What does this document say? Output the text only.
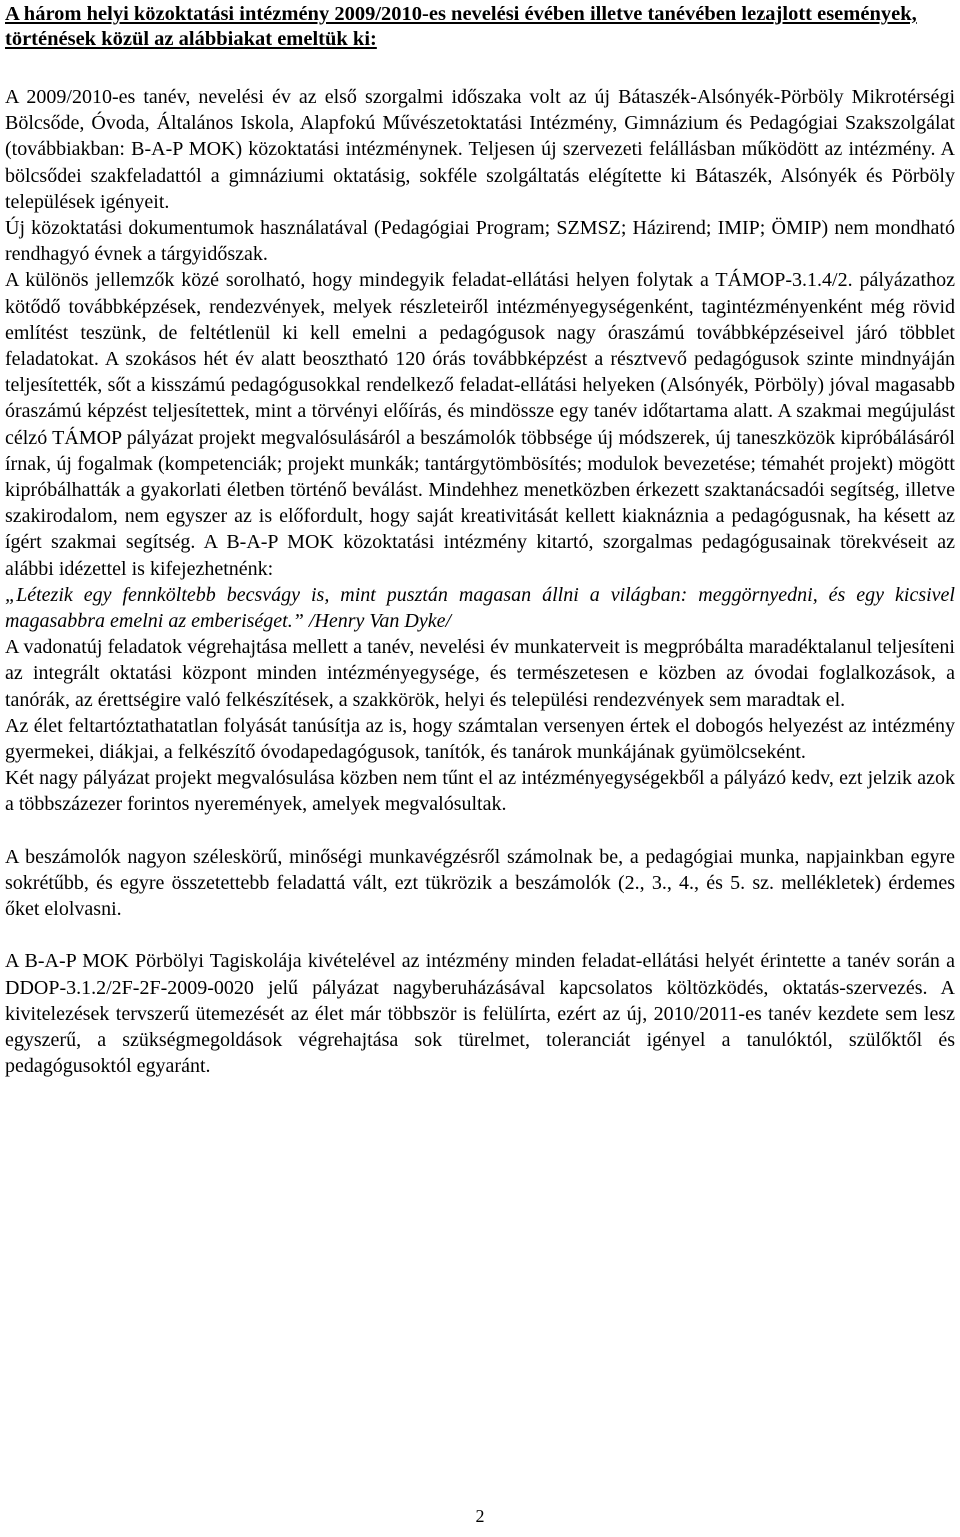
A három helyi közoktatási intézmény 2009/2010-es nevelési évében illetve tanévében lezajlott események, történések közül az alábbiakat emeltük ki:

A 2009/2010-es tanév, nevelési év az első szorgalmi időszaka volt az új Bátaszék-Alsónyék-Pörböly Mikrotérségi Bölcsőde, Óvoda, Általános Iskola, Alapfokú Művészetoktatási Intézmény, Gimnázium és Pedagógiai Szakszolgálat (továbbiakban: B-A-P MOK) közoktatási intézménynek. Teljesen új szervezeti felállásban működött az intézmény. A bölcsődei szakfeladattól a gimnáziumi oktatásig, sokféle szolgáltatás elégítette ki Bátaszék, Alsónyék és Pörböly települések igényeit.

Új közoktatási dokumentumok használatával (Pedagógiai Program; SZMSZ; Házirend; IMIP; ÖMIP) nem mondható rendhagyó évnek a tárgyidőszak.

A különös jellemzők közé sorolható, hogy mindegyik feladat-ellátási helyen folytak a TÁMOP-3.1.4/2. pályázathoz kötődő továbbképzések, rendezvények, melyek részleteiről intézményegységenként, tagintézményenként még rövid említést teszünk, de feltétlenül ki kell emelni a pedagógusok nagy óraszámú továbbképzéseivel járó többlet feladatokat. A szokásos hét év alatt beosztható 120 órás továbbképzést a résztvevő pedagógusok szinte mindnyáján teljesítették, sőt a kisszámú pedagógusokkal rendelkező feladat-ellátási helyeken (Alsónyék, Pörböly) jóval magasabb óraszámú képzést teljesítettek, mint a törvényi előírás, és mindössze egy tanév időtartama alatt. A szakmai megújulást célzó TÁMOP pályázat projekt megvalósulásáról a beszámolók többsége új módszerek, új taneszközök kipróbálásáról írnak, új fogalmak (kompetenciák; projekt munkák; tantárgytömbösítés; modulok bevezetése; témahét projekt) mögött kipróbálhatták a gyakorlati életben történő beválást. Mindehhez menetközben érkezett szaktanácsadói segítség, illetve szakirodalom, nem egyszer az is előfordult, hogy saját kreativitását kellett kiaknáznia a pedagógusnak, ha késett az ígért szakmai segítség. A B-A-P MOK közoktatási intézmény kitartó, szorgalmas pedagógusainak törekvéseit az alábbi idézettel is kifejezhetnénk:

„Létezik egy fennköltebb becsvágy is, mint pusztán magasan állni a világban: meggörnyedni, és egy kicsivel magasabbra emelni az emberiséget.” /Henry Van Dyke/

A vadonatúj feladatok végrehajtása mellett a tanév, nevelési év munkaterveit is megpróbálta maradéktalanul teljesíteni az integrált oktatási központ minden intézményegysége, és természetesen e közben az óvodai foglalkozások, a tanórák, az érettségire való felkészítések, a szakkörök, helyi és települési rendezvények sem maradtak el.

Az élet feltartóztathatatlan folyását tanúsítja az is, hogy számtalan versenyen értek el dobogós helyezést az intézmény gyermekei, diákjai, a felkészítő óvodapedagógusok, tanítók, és tanárok munkájának gyümölcseként.

Két nagy pályázat projekt megvalósulása közben nem tűnt el az intézményegységekből a pályázó kedv, ezt jelzik azok a többszázezer forintos nyeremények, amelyek megvalósultak.

A beszámolók nagyon széleskörű, minőségi munkavégzésről számolnak be, a pedagógiai munka, napjainkban egyre sokrétűbb, és egyre összetettebb feladattá vált, ezt tükrözik a beszámolók (2., 3., 4., és 5. sz. mellékletek) érdemes őket elolvasni.

A B-A-P MOK Pörbölyi Tagiskolája kivételével az intézmény minden feladat-ellátási helyét érintette a tanév során a DDOP-3.1.2/2F-2F-2009-0020 jelű pályázat nagyberuházásával kapcsolatos költözködés, oktatás-szervezés. A kivitelezések tervszerű ütemezését az élet már többször is felülírta, ezért az új, 2010/2011-es tanév kezdete sem lesz egyszerű, a szükségmegoldások végrehajtása sok türelmet, toleranciát igényel a tanulóktól, szülőktől és pedagógusoktól egyaránt.

2
